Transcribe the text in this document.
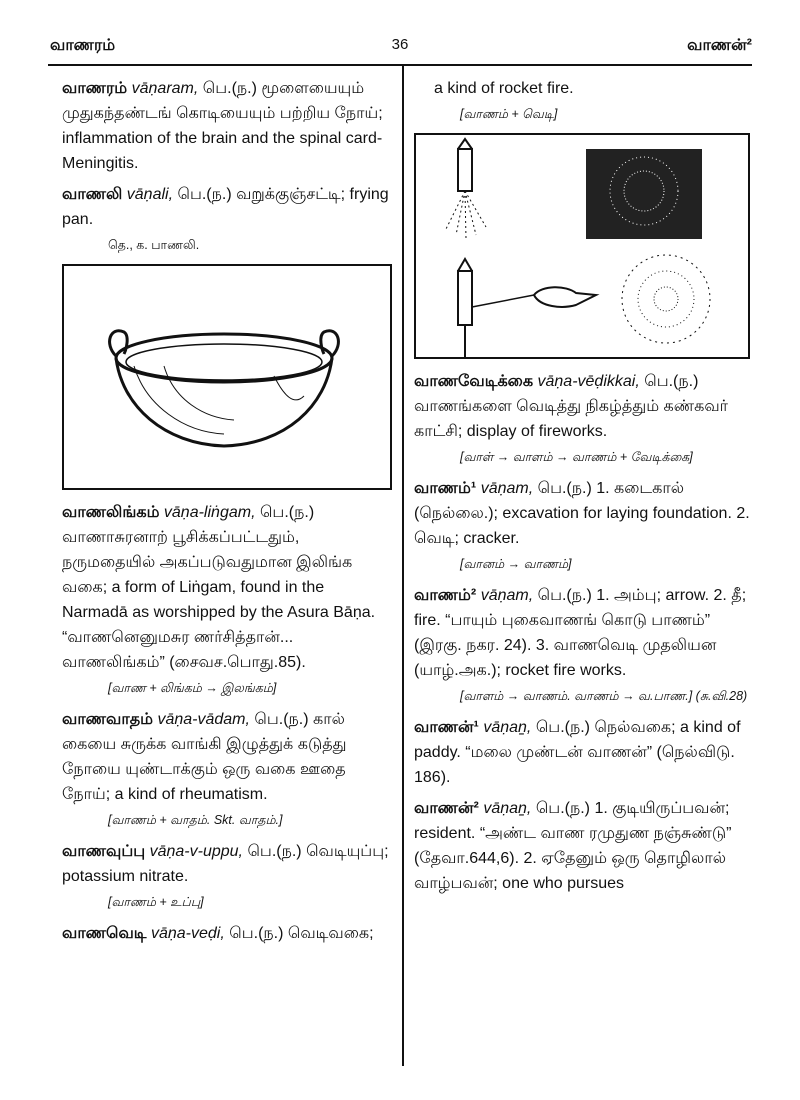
வாணரம்	36	வாணன்²
வாணரம் vāṇaram, பெ.(ந.) மூளையையும் முதுகந்தண்டங் கொடியையும் பற்றிய நோய்; inflammation of the brain and the spinal card-Meningitis.
வாணலி vāṇali, பெ.(ந.) வறுக்குஞ்சட்டி; frying pan.
தெ., க. பாணலி.
வாணலிங்கம் vāṇa-liṅgam, பெ.(ந.) வாணாசுரனாற் பூசிக்கப்பட்டதும், நருமதையில் அகப்படுவதுமான இலிங்க வகை; a form of Liṅgam, found in the Narmadā as worshipped by the Asura Bāṇa. “வாணனெனுமசுர ணர்சித்தான்... வாணலிங்கம்” (சைவச.பொது.85).
[வாண + லிங்கம் → இலங்கம்]
வாணவாதம் vāṇa-vādam, பெ.(ந.) கால் கையை சுருக்க வாங்கி இழுத்துக் கடுத்து நோயை யுண்டாக்கும் ஒரு வகை ஊதை நோய்; a kind of rheumatism.
[வாணம் + வாதம். Skt. வாதம்.]
வாணவுப்பு vāṇa-v-uppu, பெ.(ந.) வெடியுப்பு; potassium nitrate.
[வாணம் + உப்பு]
வாணவெடி vāṇa-veḍi, பெ.(ந.) வெடிவகை;
a kind of rocket fire.
[வாணம் + வெடி]
வாணவேடிக்கை vāṇa-vēḍikkai, பெ.(ந.) வாணங்களை வெடித்து நிகழ்த்தும் கண்கவர் காட்சி; display of fireworks.
[வாள் → வாளம் → வாணம் + வேடிக்கை]
வாணம்¹ vāṇam, பெ.(ந.) 1. கடைகால் (நெல்லை.); excavation for laying foundation. 2. வெடி; cracker.
[வானம் → வாணம்]
வாணம்² vāṇam, பெ.(ந.) 1. அம்பு; arrow. 2. தீ; fire. “பாயும் புகைவாணங் கொடு பாணம்” (இரகு. நகர. 24). 3. வாணவெடி முதலியன (யாழ்.அக.); rocket fire works.
[வாளம் → வாணம். வாணம் → வ.பாண.] (சு.வி.28)
வாணன்¹ vāṇaṉ, பெ.(ந.) நெல்வகை; a kind of paddy. “மலை முண்டன் வாணன்” (நெல்விடு. 186).
வாணன்² vāṇaṉ, பெ.(ந.) 1. குடியிருப்பவன்; resident. “அண்ட வாண ரமுதுண நஞ்சுண்டு” (தேவா.644,6). 2. ஏதேனும் ஒரு தொழிலால் வாழ்பவன்; one who pursues
